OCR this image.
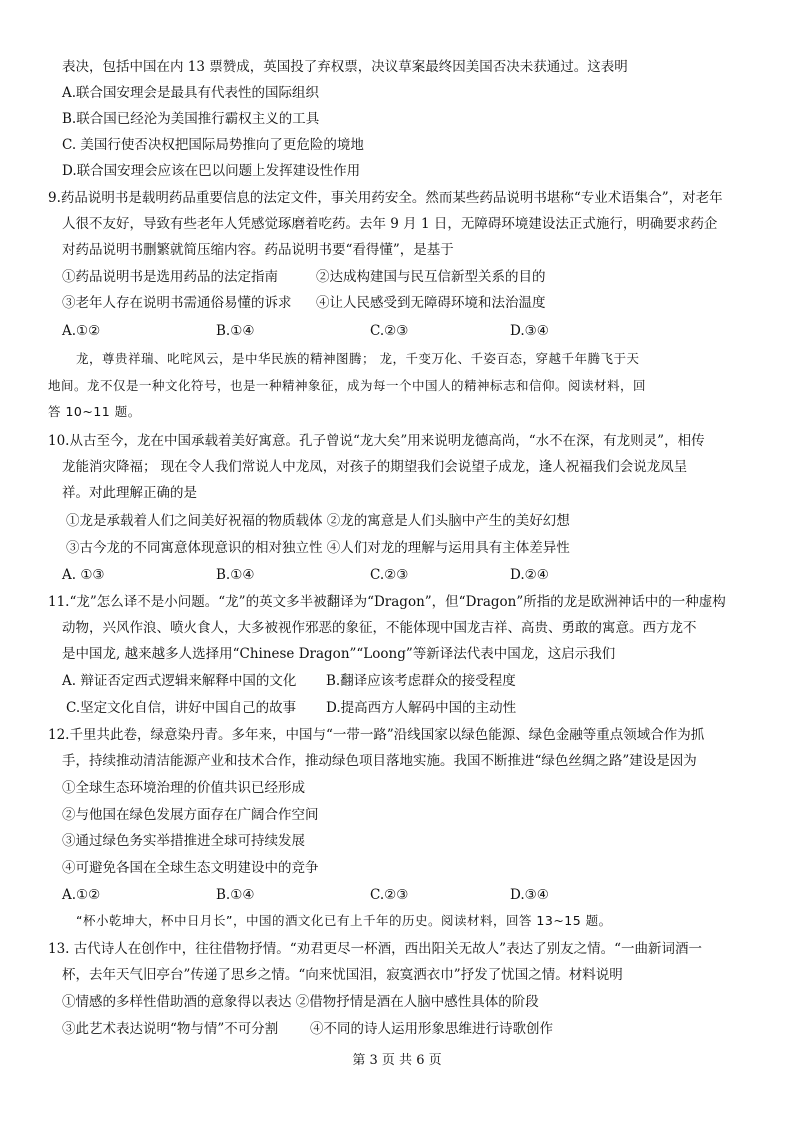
表决，包括中国在内 13 票赞成，英国投了弃权票，决议草案最终因美国否决未获通过。这表明
A.联合国安理会是最具有代表性的国际组织
B.联合国已经沦为美国推行霸权主义的工具
C. 美国行使否决权把国际局势推向了更危险的境地
D.联合国安理会应该在巴以问题上发挥建设性作用
9.药品说明书是载明药品重要信息的法定文件，事关用药安全。然而某些药品说明书堪称“专业术语集合”，对老年
人很不友好，导致有些老年人凭感觉琢磨着吃药。去年 9 月 1 日，无障碍环境建设法正式施行，明确要求药企
对药品说明书删繁就简压缩内容。药品说明书要“看得懂”，是基于
①药品说明书是选用药品的法定指南	②达成构建国与民互信新型关系的目的
③老年人存在说明书需通俗易懂的诉求 ④让人民感受到无障碍环境和法治温度
A.①②	B.①④	C.②③	D.③④
龙，尊贵祥瑞、叱咤风云，是中华民族的精神图腾； 龙，千变万化、千姿百态，穿越千年腾飞于天
地间。龙不仅是一种文化符号，也是一种精神象征，成为每一个中国人的精神标志和信仰。阅读材料，回
答 10~11 题。
10.从古至今，龙在中国承载着美好寓意。孔子曾说“龙大矣”用来说明龙德高尚，“水不在深，有龙则灵”，相传
龙能消灾降福； 现在令人我们常说人中龙凤，对孩子的期望我们会说望子成龙，逢人祝福我们会说龙凤呈
祥。对此理解正确的是
①龙是承载着人们之间美好祝福的物质载体 ②龙的寓意是人们头脑中产生的美好幻想
③古今龙的不同寓意体现意识的相对独立性 ④人们对龙的理解与运用具有主体差异性
A. ①③	B.①④	C.②③	D.②④
11.“龙”怎么译不是小问题。“龙”的英文多半被翻译为“Dragon”，但“Dragon”所指的龙是欧洲神话中的一种虚构
动物，兴风作浪、喷火食人，大多被视作邪恶的象征，不能体现中国龙吉祥、高贵、勇敢的寓意。西方龙不
是中国龙, 越来越多人选择用“Chinese Dragon”“Loong”等新译法代表中国龙，这启示我们
A. 辩证否定西式逻辑来解释中国的文化 B.翻译应该考虑群众的接受程度
C.坚定文化自信，讲好中国自己的故事 D.提高西方人解码中国的主动性
12.千里共此卷，绿意染丹青。多年来，中国与“一带一路”沿线国家以绿色能源、绿色金融等重点领域合作为抓
手，持续推动清洁能源产业和技术合作，推动绿色项目落地实施。我国不断推进“绿色丝绸之路”建设是因为
①全球生态环境治理的价值共识已经形成
②与他国在绿色发展方面存在广阔合作空间
③通过绿色务实举措推进全球可持续发展
④可避免各国在全球生态文明建设中的竞争
A.①②	B.①④	C.②③	D.③④
“杯小乾坤大，杯中日月长”，中国的酒文化已有上千年的历史。阅读材料，回答 13~15 题。
13. 古代诗人在创作中，往往借物抒情。“劝君更尽一杯酒，西出阳关无故人”表达了别友之情。“一曲新词酒一
杯，去年天气旧亭台”传递了思乡之情。“向来忧国泪，寂寞洒衣巾”抒发了忧国之情。材料说明
①情感的多样性借助酒的意象得以表达 ②借物抒情是酒在人脑中感性具体的阶段
③此艺术表达说明“物与情”不可分割 ④不同的诗人运用形象思维进行诗歌创作
第 3 页 共 6 页
